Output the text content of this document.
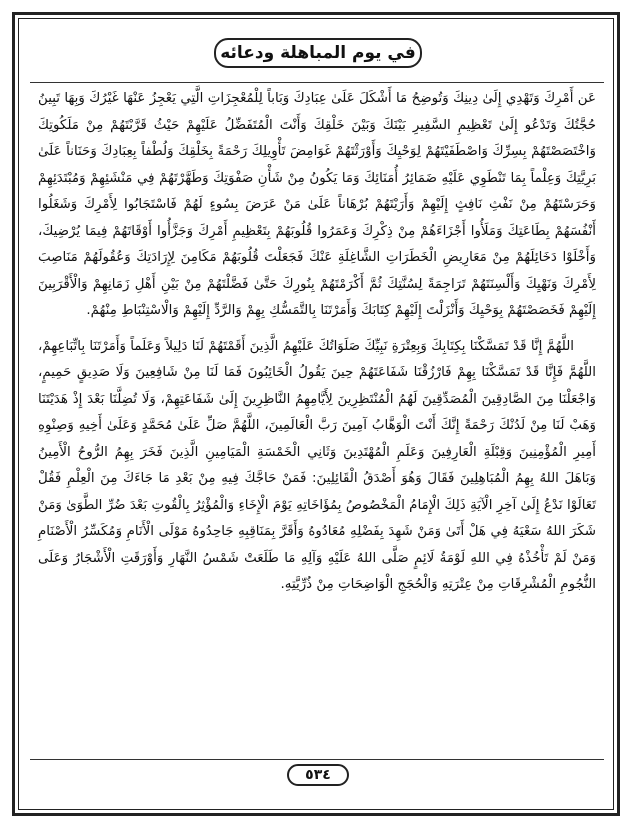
في يوم المباهلة ودعائه

عَن أَمْرِكَ وَتَهْدِي إِلَىٰ دِينِكَ وَتُوضِحُ مَا أَشْكَلَ عَلَىٰ عِبَادِكَ وَبَاباً لِلْمُعْجِزَاتِ الَّتِي يَعْجِزُ عَنْهَا غَيْرُكَ وَبِهَا تَبِينُ حُجَّتُكَ وَتَدْعُو إِلَىٰ تَعْظِيمِ السَّفِيرِ بَيْنَكَ وَبَيْنَ خَلْقِكَ وَأَنْتَ الْمُتَفَضِّلُ عَلَيْهِمْ حَيْثُ قَرَّبْتَهُمْ مِنْ مَلَكُوتِكَ وَاخْتَصَصْتَهُمْ بِسِرِّكَ وَاصْطَفَيْتَهُمْ لِوَحْيِكَ وَأَوْرَثْتَهُمْ غَوَامِضَ تَأْوِيلِكَ رَحْمَةً بِخَلْقِكَ وَلُطْفاً بِعِبَادِكَ وَحَنَاناً عَلَىٰ بَرِيَّتِكَ وَعِلْماً بِمَا تَنْطَوِي عَلَيْهِ ضَمَائِرُ أُمَنَائِكَ وَمَا يَكُونُ مِنْ شَأْنِ صَفْوَتِكَ وَطَهَّرْتَهُمْ فِي مَنْشَئِهِمْ وَمُبْتَدَئِهِمْ وَحَرَسْتَهُمْ مِنْ نَفْثِ نَافِثٍ إِلَيْهِمْ وَأَرَيْتَهُمْ بُرْهَاناً عَلَىٰ مَنْ عَرَضَ بِسُوءٍ لَهُمْ فَاسْتَجَابُوا لِأَمْرِكَ وَشَغَلُوا أَنْفُسَهُمْ بِطَاعَتِكَ وَمَلَأُوا أَجْزَاءَهُمْ مِنْ ذِكْرِكَ وَعَمَرُوا قُلُوبَهُمْ بِتَعْظِيمِ أَمْرِكَ وَجَزَّأُوا أَوْقَاتَهُمْ فِيمَا يُرْضِيكَ، وَأَخْلَوْا دَخَائِلَهُمْ مِنْ مَعَارِيضِ الْخَطَرَاتِ الشَّاغِلَةِ عَنْكَ فَجَعَلْتَ قُلُوبَهُمْ مَكَامِنَ لِإِرَادَتِكَ وَعُقُولَهُمْ مَنَاصِبَ لِأَمْرِكَ وَنَهْيِكَ وَأَلْسِنَتَهُمْ تَرَاجِمَةً لِسُنَّتِكَ ثُمَّ أَكْرَمْتَهُمْ بِنُورِكَ حَتَّىٰ فَضَّلْتَهُمْ مِنْ بَيْنِ أَهْلِ زَمَانِهِمْ وَالْأَقْرَبِينَ إِلَيْهِمْ فَخَصَصْتَهُمْ بِوَحْيِكَ وَأَنْزَلْتَ إِلَيْهِمْ كِتَابَكَ وَأَمَرْتَنَا بِالتَّمَسُّكِ بِهِمْ وَالرَّدِّ إِلَيْهِمْ وَالْاسْتِنْبَاطِ مِنْهُمْ.

اللَّهُمَّ إِنَّا قَدْ تَمَسَّكْنَا بِكِتَابِكَ وَبِعِتْرَةِ نَبِيِّكَ صَلَوَاتُكَ عَلَيْهِمُ الَّذِينَ أَقَمْتَهُمْ لَنَا دَلِيلاً وَعَلَماً وَأَمَرْتَنَا بِاتِّبَاعِهِمْ، اللَّهُمَّ فَإِنَّا قَدْ تَمَسَّكْنَا بِهِمْ فَارْزُقْنَا شَفَاعَتَهُمْ حِينَ يَقُولُ الْخَائِبُونَ فَمَا لَنَا مِنْ شَافِعِينَ وَلَا صَدِيقٍ حَمِيمٍ، وَاجْعَلْنَا مِنَ الصَّادِقِينَ الْمُصَدِّقِينَ لَهُمُ الْمُنْتَظِرِينَ لِأَيَّامِهِمُ النَّاظِرِينَ إِلَىٰ شَفَاعَتِهِمْ، وَلَا تُضِلَّنَا بَعْدَ إِذْ هَدَيْتَنَا وَهَبْ لَنَا مِنْ لَدُنْكَ رَحْمَةً إِنَّكَ أَنْتَ الْوَهَّابُ آمِينَ رَبَّ الْعَالَمِينَ، اللَّهُمَّ صَلِّ عَلَىٰ مُحَمَّدٍ وَعَلَىٰ أَخِيهِ وَصِنْوِهِ أَمِيرِ الْمُؤْمِنِينَ وَقِبْلَةِ الْعَارِفِينَ وَعَلَمِ الْمُهْتَدِينَ وَثَانِي الْخَمْسَةِ الْمَيَامِينِ الَّذِينَ فَخَرَ بِهِمُ الرُّوحُ الْأَمِينُ وَبَاهَلَ اللهُ بِهِمُ الْمُبَاهِلِينَ فَقَالَ وَهُوَ أَصْدَقُ الْقَائِلِينَ: فَمَنْ حَاجَّكَ فِيهِ مِنْ بَعْدِ مَا جَاءَكَ مِنَ الْعِلْمِ فَقُلْ تَعَالَوْا نَدْعُ إِلَىٰ آخِرِ الْآيَةِ ذَلِكَ الْإِمَامُ الْمَخْصُوصُ بِمُؤَاخَاتِهِ يَوْمَ الْإِخَاءِ وَالْمُؤْثِرُ بِالْقُوتِ بَعْدَ ضُرِّ الطَّوَىٰ وَمَنْ شَكَرَ اللهُ سَعْيَهُ فِي هَلْ أَتَىٰ وَمَنْ شَهِدَ بِفَضْلِهِ مُعَادُوهُ وَأَقَرَّ بِمَنَاقِبِهِ جَاحِدُوهُ مَوْلَى الْأَنَامِ وَمُكَسِّرُ الْأَصْنَامِ وَمَنْ لَمْ تَأْخُذْهُ فِي اللهِ لَوْمَةُ لَائِمٍ صَلَّى اللهُ عَلَيْهِ وَآلِهِ مَا طَلَعَتْ شَمْسُ النَّهَارِ وَأَوْرَقَتِ الْأَشْجَارُ وَعَلَى النُّجُومِ الْمُشْرِقَاتِ مِنْ عِتْرَتِهِ وَالْحُجَجِ الْوَاضِحَاتِ مِنْ ذُرِّيَّتِهِ.

٥٣٤
